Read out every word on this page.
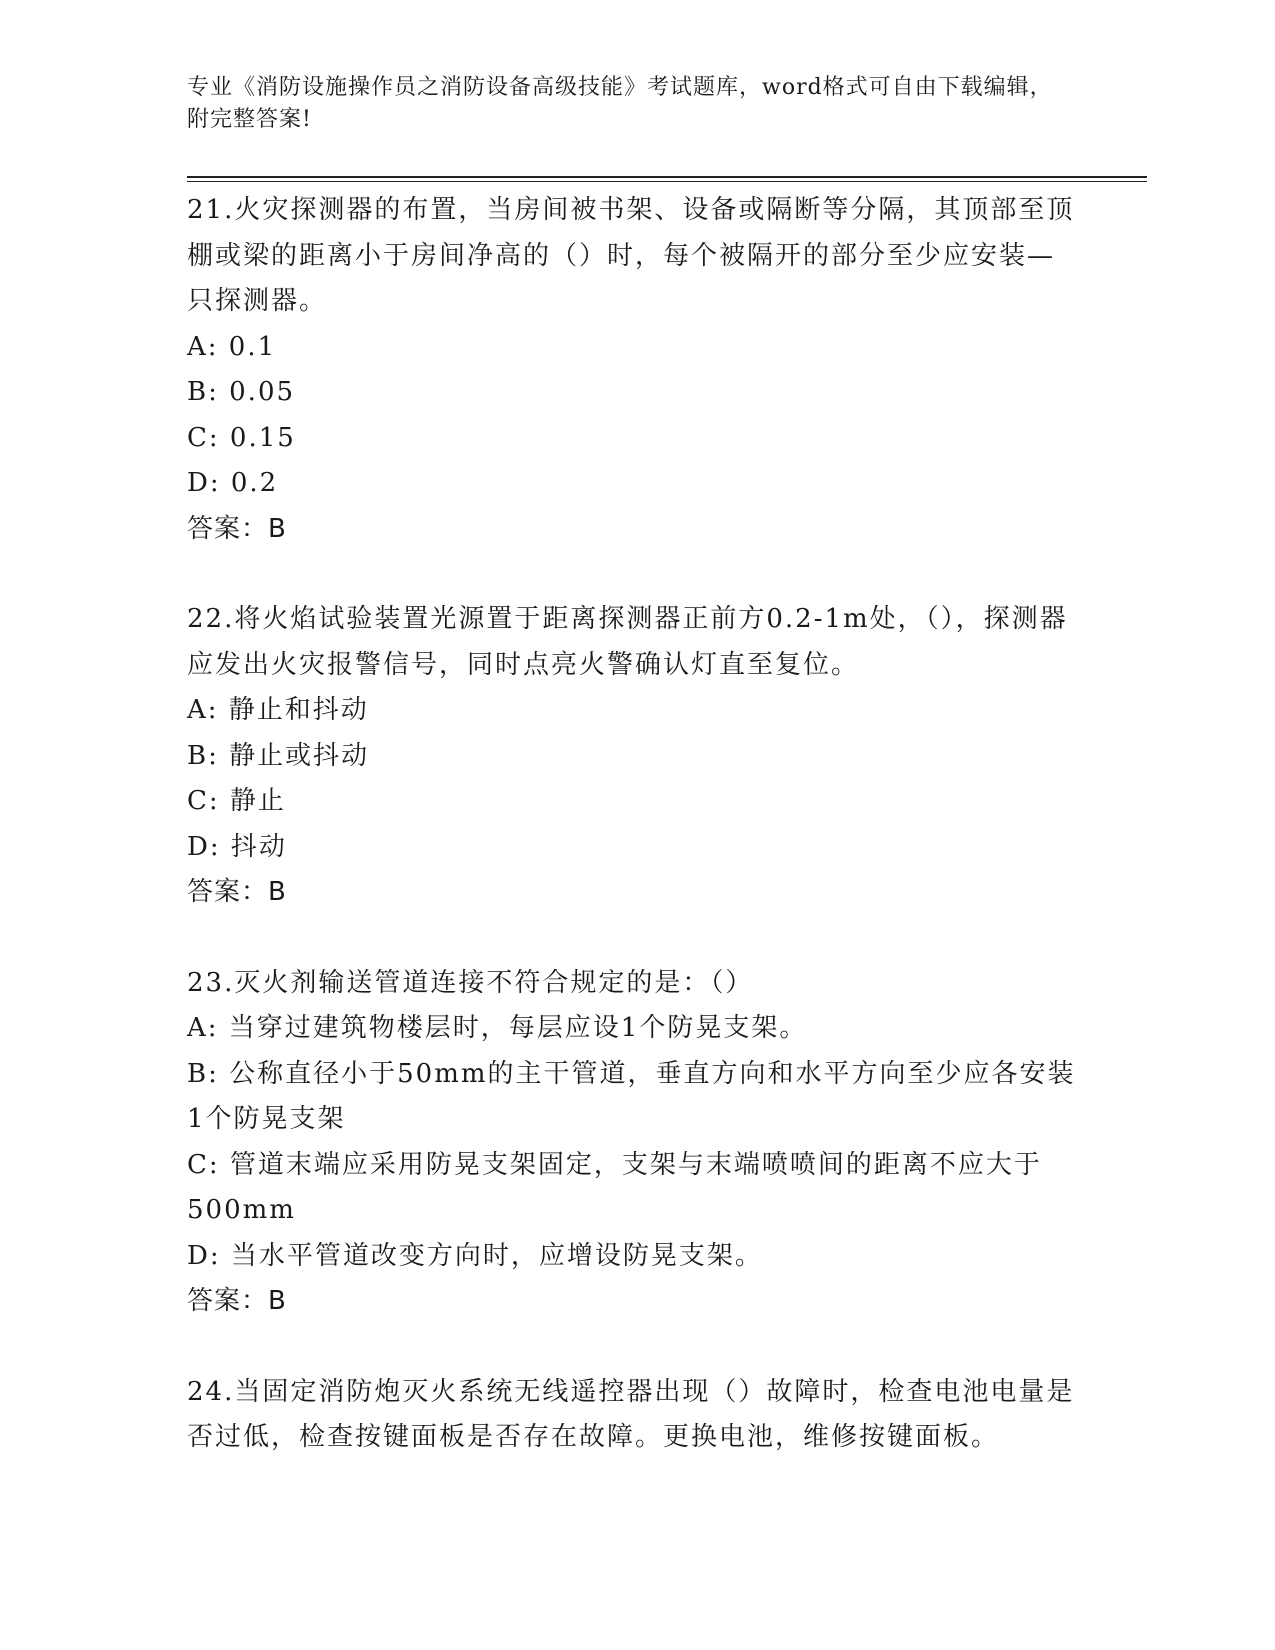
专业《消防设施操作员之消防设备高级技能》考试题库，word格式可自由下载编辑，附完整答案!

21.火灾探测器的布置，当房间被书架、设备或隔断等分隔，其顶部至顶棚或梁的距离小于房间净高的（）时，每个被隔开的部分至少应安装—只探测器。

A: 0.1

B: 0.05

C: 0.15

D: 0.2

答案：B

22.将火焰试验装置光源置于距离探测器正前方0.2-1m处，（），探测器应发出火灾报警信号，同时点亮火警确认灯直至复位。

A: 静止和抖动

B: 静止或抖动

C: 静止

D: 抖动

答案：B

23.灭火剂输送管道连接不符合规定的是：（）

A: 当穿过建筑物楼层时，每层应设1个防晃支架。

B: 公称直径小于50mm的主干管道，垂直方向和水平方向至少应各安装1个防晃支架

C: 管道末端应采用防晃支架固定，支架与末端喷喷间的距离不应大于500mm

D: 当水平管道改变方向时，应增设防晃支架。

答案：B

24.当固定消防炮灭火系统无线遥控器出现（）故障时，检查电池电量是否过低，检查按键面板是否存在故障。更换电池，维修按键面板。
